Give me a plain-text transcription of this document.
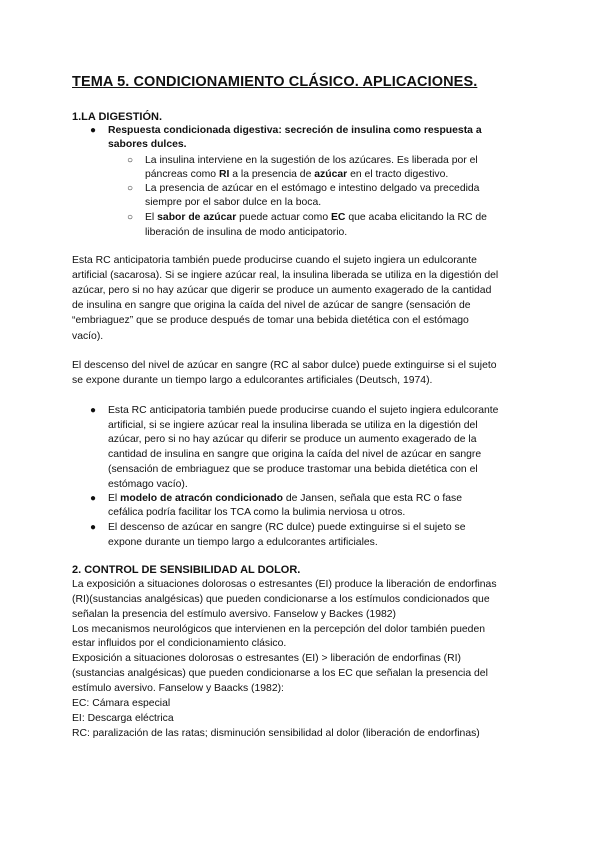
TEMA 5. CONDICIONAMIENTO CLÁSICO. APLICACIONES.
1.LA DIGESTIÓN.
● Respuesta condicionada digestiva: secreción de insulina como respuesta a
sabores dulces.
○ La insulina interviene en la sugestión de los azúcares. Es liberada por el
páncreas como RI a la presencia de azúcar en el tracto digestivo.
○ La presencia de azúcar en el estómago e intestino delgado va precedida
siempre por el sabor dulce en la boca.
○ El sabor de azúcar puede actuar como EC que acaba elicitando la RC de
liberación de insulina de modo anticipatorio.
Esta RC anticipatoria también puede producirse cuando el sujeto ingiera un edulcorante
artificial (sacarosa). Si se ingiere azúcar real, la insulina liberada se utiliza en la digestión del
azúcar, pero si no hay azúcar que digerir se produce un aumento exagerado de la cantidad
de insulina en sangre que origina la caída del nivel de azúcar de sangre (sensación de
“embriaguez” que se produce después de tomar una bebida dietética con el estómago
vacío).
El descenso del nivel de azúcar en sangre (RC al sabor dulce) puede extinguirse si el sujeto
se expone durante un tiempo largo a edulcorantes artificiales (Deutsch, 1974).
● Esta RC anticipatoria también puede producirse cuando el sujeto ingiera edulcorante
artificial, si se ingiere azúcar real la insulina liberada se utiliza en la digestión del
azúcar, pero si no hay azúcar qu diferir se produce un aumento exagerado de la
cantidad de insulina en sangre que origina la caída del nivel de azúcar en sangre
(sensación de embriaguez que se produce trastomar una bebida dietética con el
estómago vacío).
● El modelo de atracón condicionado de Jansen, señala que esta RC o fase
cefálica podría facilitar los TCA como la bulimia nerviosa u otros.
● El descenso de azúcar en sangre (RC dulce) puede extinguirse si el sujeto se
expone durante un tiempo largo a edulcorantes artificiales.
2. CONTROL DE SENSIBILIDAD AL DOLOR.
La exposición a situaciones dolorosas o estresantes (EI) produce la liberación de endorfinas
(RI)(sustancias analgésicas) que pueden condicionarse a los estímulos condicionados que
señalan la presencia del estímulo aversivo. Fanselow y Backes (1982)
Los mecanismos neurológicos que intervienen en la percepción del dolor también pueden
estar influidos por el condicionamiento clásico.
Exposición a situaciones dolorosas o estresantes (EI) > liberación de endorfinas (RI)
(sustancias analgésicas) que pueden condicionarse a los EC que señalan la presencia del
estímulo aversivo. Fanselow y Baacks (1982):
EC: Cámara especial
EI: Descarga eléctrica
RC: paralización de las ratas; disminución sensibilidad al dolor (liberación de endorfinas)
